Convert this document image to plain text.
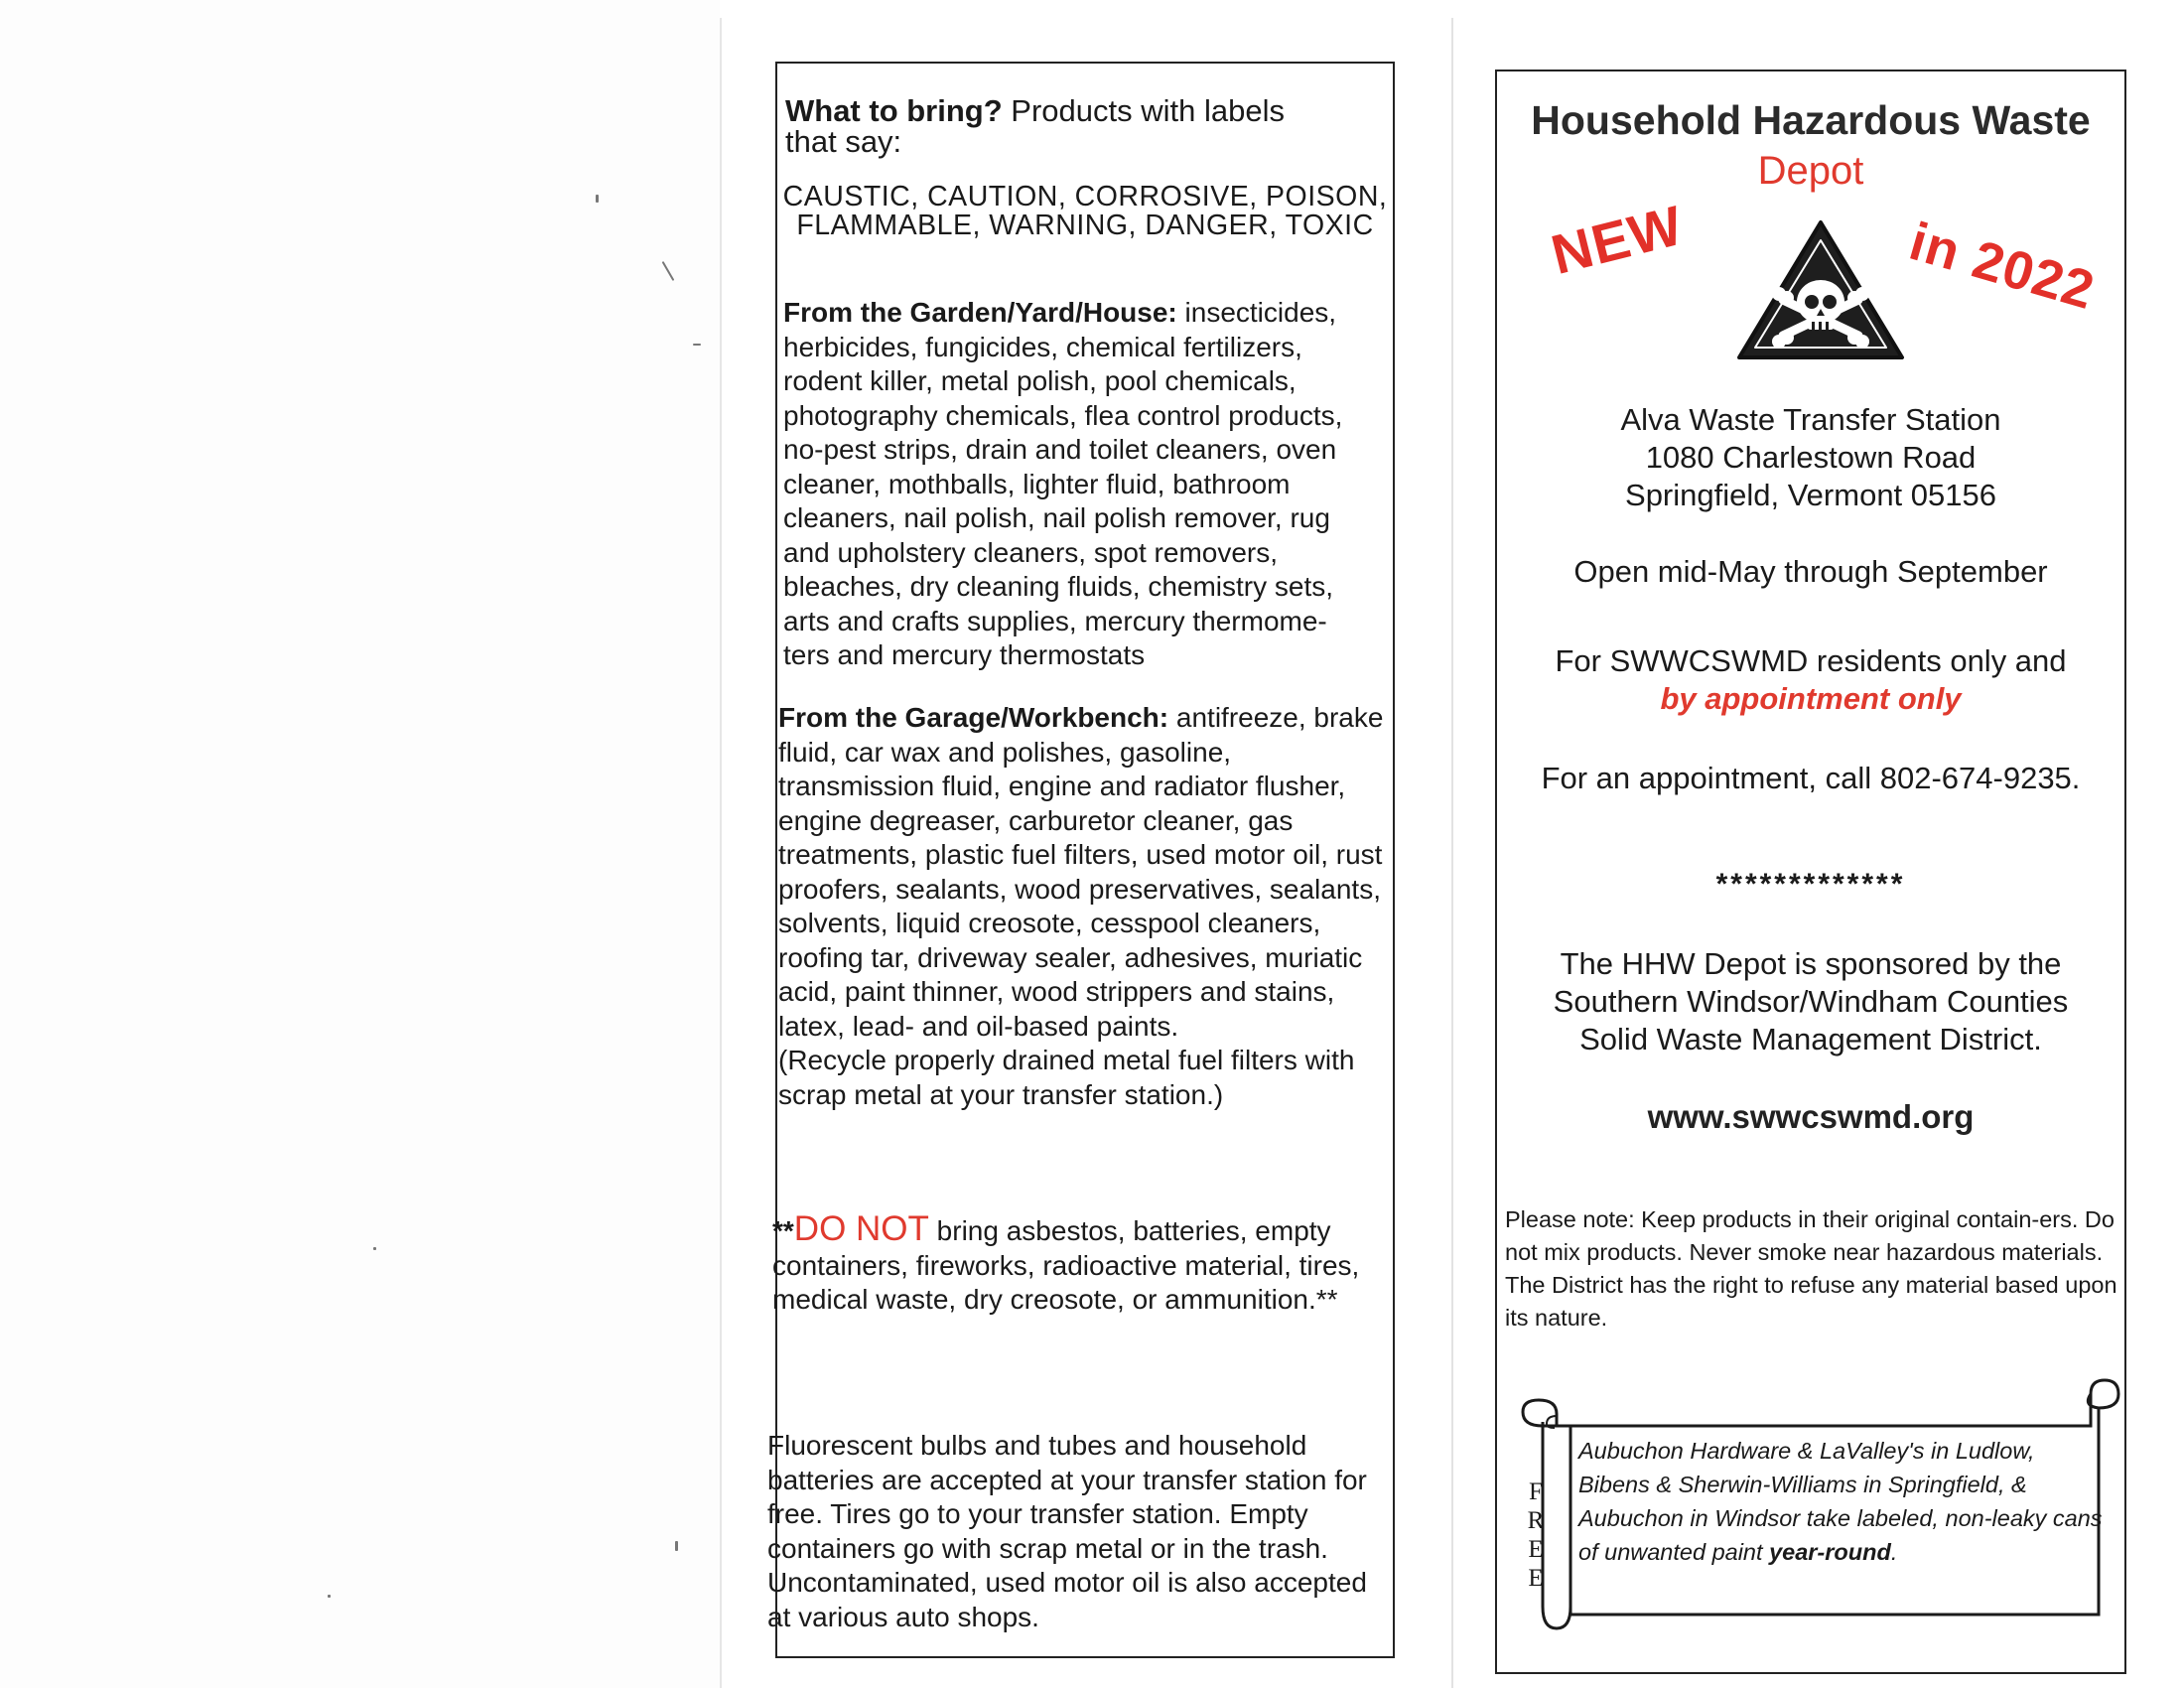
What to bring? Products with labels that say:

CAUSTIC, CAUTION, CORROSIVE, POISON,
FLAMMABLE, WARNING, DANGER, TOXIC

From the Garden/Yard/House: insecticides, herbicides, fungicides, chemical fertilizers, rodent killer, metal polish, pool chemicals, photography chemicals, flea control products, no-pest strips, drain and toilet cleaners, oven cleaner, mothballs, lighter fluid, bathroom cleaners, nail polish, nail polish remover, rug and upholstery cleaners, spot removers, bleaches, dry cleaning fluids, chemistry sets, arts and crafts supplies, mercury thermome-ters and mercury thermostats

From the Garage/Workbench: antifreeze, brake fluid, car wax and polishes, gasoline, transmission fluid, engine and radiator flusher, engine degreaser, carburetor cleaner, gas treatments, plastic fuel filters, used motor oil, rust proofers, sealants, wood preservatives, sealants, solvents, liquid creosote, cesspool cleaners, roofing tar, driveway sealer, adhesives, muriatic acid, paint thinner, wood strippers and stains, latex, lead- and oil-based paints.
(Recycle properly drained metal fuel filters with scrap metal at your transfer station.)

**DO NOT bring asbestos, batteries, empty containers, fireworks, radioactive material, tires, medical waste, dry creosote, or ammunition.**

Fluorescent bulbs and tubes and household batteries are accepted at your transfer station for free. Tires go to your transfer station. Empty containers go with scrap metal or in the trash. Uncontaminated, used motor oil is also accepted at various auto shops.

Household Hazardous Waste
Depot
NEW	in 2022
Alva Waste Transfer Station
1080 Charlestown Road
Springfield, Vermont 05156
Open mid-May through September
For SWWCSWMD residents only and
by appointment only
For an appointment, call 802-674-9235.
*************
The HHW Depot is sponsored by the
Southern Windsor/Windham Counties
Solid Waste Management District.
www.swwcswmd.org

Please note: Keep products in their original contain-ers. Do not mix products. Never smoke near hazardous materials. The District has the right to refuse any material based upon its nature.

F
R
E
E

Aubuchon Hardware & LaValley's in Ludlow, Bibens & Sherwin-Williams in Springfield, & Aubuchon in Windsor take labeled, non-leaky cans of unwanted paint year-round.
